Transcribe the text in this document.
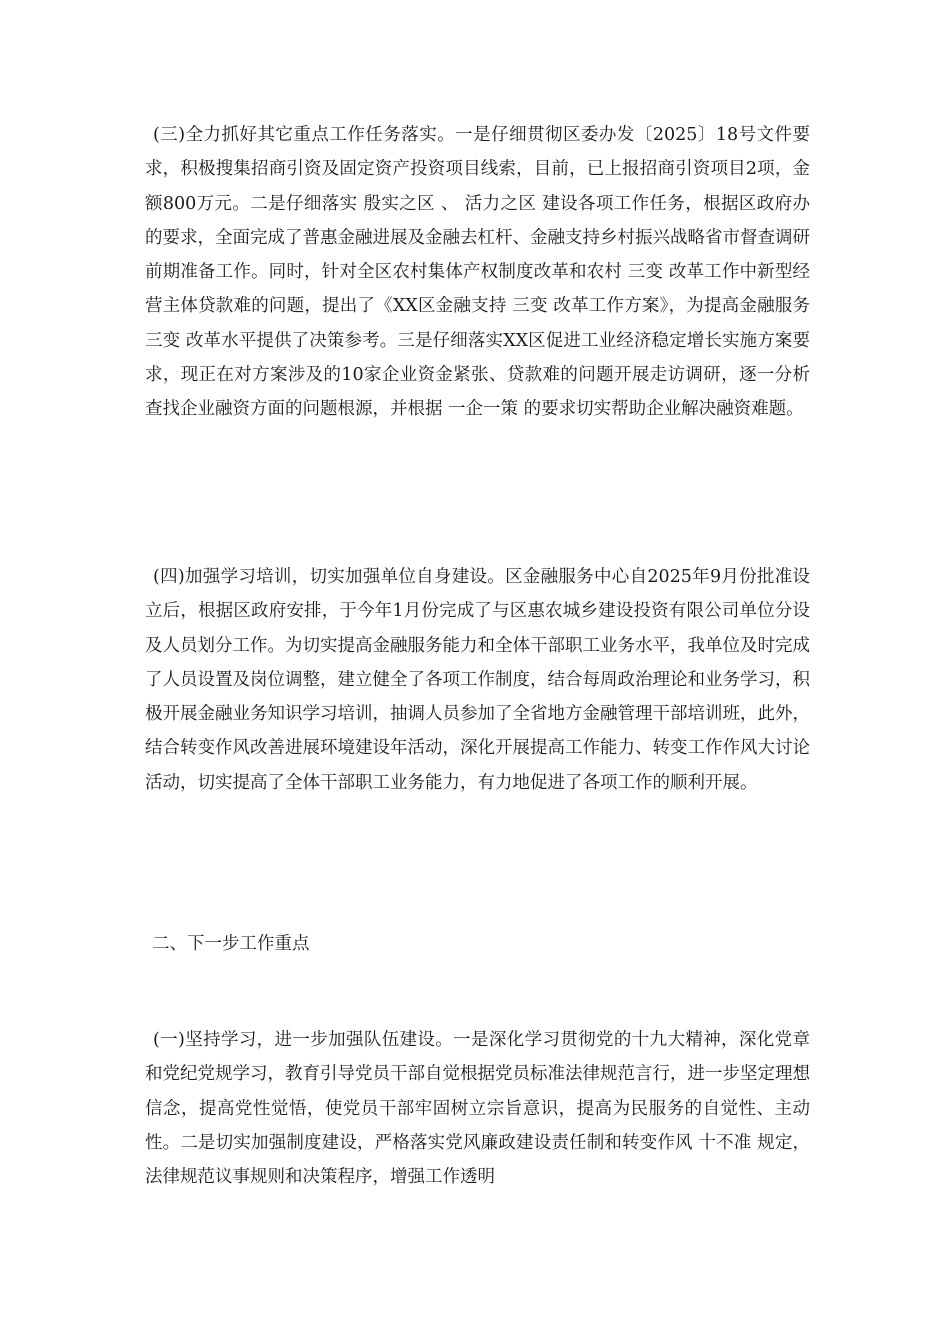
(三)全力抓好其它重点工作任务落实。一是仔细贯彻区委办发〔2025〕18号文件要求，积极搜集招商引资及固定资产投资项目线索，目前，已上报招商引资项目2项，金额800万元。二是仔细落实 殷实之区 、 活力之区 建设各项工作任务，根据区政府办的要求，全面完成了普惠金融进展及金融去杠杆、金融支持乡村振兴战略省市督查调研前期准备工作。同时，针对全区农村集体产权制度改革和农村 三变 改革工作中新型经营主体贷款难的问题，提出了《XX区金融支持 三变 改革工作方案》，为提高金融服务 三变 改革水平提供了决策参考。三是仔细落实XX区促进工业经济稳定增长实施方案要求，现正在对方案涉及的10家企业资金紧张、贷款难的问题开展走访调研，逐一分析查找企业融资方面的问题根源，并根据 一企一策 的要求切实帮助企业解决融资难题。

(四)加强学习培训，切实加强单位自身建设。区金融服务中心自2025年9月份批准设立后，根据区政府安排，于今年1月份完成了与区惠农城乡建设投资有限公司单位分设及人员划分工作。为切实提高金融服务能力和全体干部职工业务水平，我单位及时完成了人员设置及岗位调整，建立健全了各项工作制度，结合每周政治理论和业务学习，积极开展金融业务知识学习培训，抽调人员参加了全省地方金融管理干部培训班，此外，结合转变作风改善进展环境建设年活动，深化开展提高工作能力、转变工作作风大讨论活动，切实提高了全体干部职工业务能力，有力地促进了各项工作的顺利开展。

二、下一步工作重点

(一)坚持学习，进一步加强队伍建设。一是深化学习贯彻党的十九大精神，深化党章和党纪党规学习，教育引导党员干部自觉根据党员标准法律规范言行，进一步坚定理想信念，提高党性觉悟，使党员干部牢固树立宗旨意识，提高为民服务的自觉性、主动性。二是切实加强制度建设，严格落实党风廉政建设责任制和转变作风 十不准 规定，法律规范议事规则和决策程序，增强工作透明
